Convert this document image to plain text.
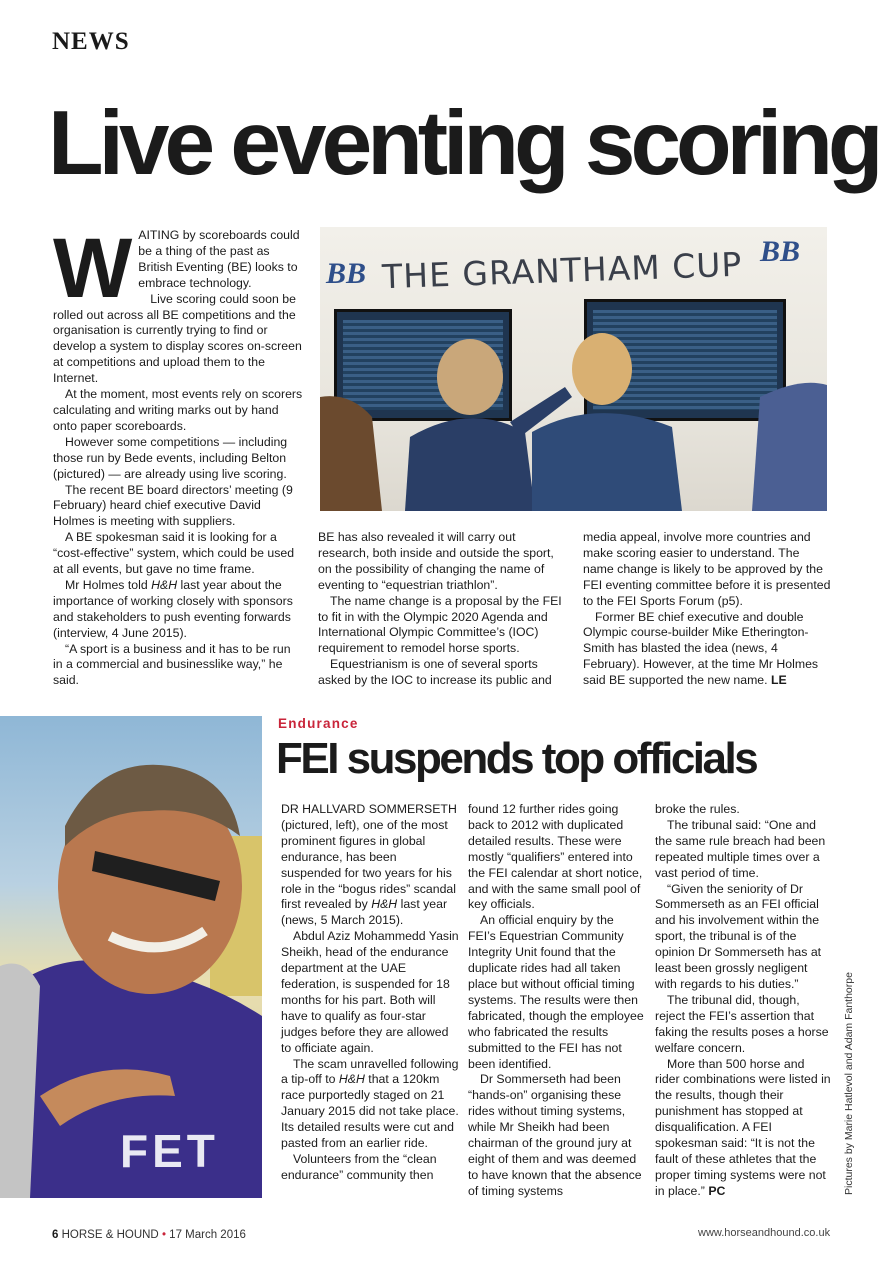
NEWS
Live eventing scoring
W AITING by scoreboards could be a thing of the past as British Eventing (BE) looks to embrace technology.

Live scoring could soon be rolled out across all BE competitions and the organisation is currently trying to find or develop a system to display scores on-screen at competitions and upload them to the Internet.

At the moment, most events rely on scorers calculating and writing marks out by hand onto paper scoreboards.

However some competitions — including those run by Bede events, including Belton (pictured) — are already using live scoring.

The recent BE board directors’ meeting (9 February) heard chief executive David Holmes is meeting with suppliers.

A BE spokesman said it is looking for a “cost-effective” system, which could be used at all events, but gave no time frame.

Mr Holmes told H&H last year about the importance of working closely with sponsors and stakeholders to push eventing forwards (interview, 4 June 2015).

“A sport is a business and it has to be run in a commercial and businesslike way,” he said.

BB THE GRANTHAM CUP BB

BE has also revealed it will carry out research, both inside and outside the sport, on the possibility of changing the name of eventing to “equestrian triathlon”.

The name change is a proposal by the FEI to fit in with the Olympic 2020 Agenda and International Olympic Committee’s (IOC) requirement to remodel horse sports.

Equestrianism is one of several sports asked by the IOC to increase its public and

media appeal, involve more countries and make scoring easier to understand. The name change is likely to be approved by the FEI eventing committee before it is presented to the FEI Sports Forum (p5).

Former BE chief executive and double Olympic course-builder Mike Etherington-Smith has blasted the idea (news, 4 February). However, at the time Mr Holmes said BE supported the new name. LE

FET
Endurance
FEI suspends top officials

DR HALLVARD SOMMERSETH (pictured, left), one of the most prominent figures in global endurance, has been suspended for two years for his role in the “bogus rides” scandal first revealed by H&H last year (news, 5 March 2015).

Abdul Aziz Mohammedd Yasin Sheikh, head of the endurance department at the UAE federation, is suspended for 18 months for his part. Both will have to qualify as four-star judges before they are allowed to officiate again.

The scam unravelled following a tip-off to H&H that a 120km race purportedly staged on 21 January 2015 did not take place. Its detailed results were cut and pasted from an earlier ride.

Volunteers from the “clean endurance” community then

found 12 further rides going back to 2012 with duplicated detailed results. These were mostly “qualifiers” entered into the FEI calendar at short notice, and with the same small pool of key officials.

An official enquiry by the FEI’s Equestrian Community Integrity Unit found that the duplicate rides had all taken place but without official timing systems. The results were then fabricated, though the employee who fabricated the results submitted to the FEI has not been identified.

Dr Sommerseth had been “hands-on” organising these rides without timing systems, while Mr Sheikh had been chairman of the ground jury at eight of them and was deemed to have known that the absence of timing systems

broke the rules.

The tribunal said: “One and the same rule breach had been repeated multiple times over a vast period of time.

“Given the seniority of Dr Sommerseth as an FEI official and his involvement within the sport, the tribunal is of the opinion Dr Sommerseth has at least been grossly negligent with regards to his duties.”

The tribunal did, though, reject the FEI’s assertion that faking the results poses a horse welfare concern.

More than 500 horse and rider combinations were listed in the results, though their punishment has stopped at disqualification. A FEI spokesman said: “It is not the fault of these athletes that the proper timing systems were not in place.” PC	Pictures by Marie Hatlevol and Adam Fanthorpe
6 HORSE & HOUND • 17 March 2016	www.horseandhound.co.uk
